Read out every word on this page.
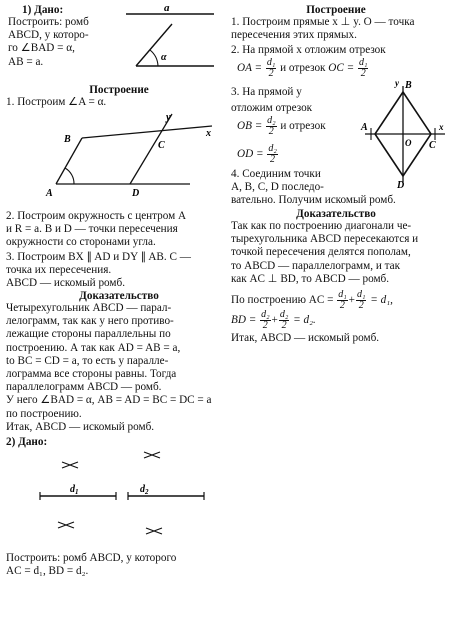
1) Дано:

Построить: ромб

ABCD, у которо-

го ∠BAD = α,

AB = a.

a
α

Построение

1. Построим ∠A = α.

B
C
A	D
y
x

2. Построим окружность с центром A

и R = a. B и D — точки пересечения

окружности со сторонами угла.

3. Построим BX ∥ AD и DY ∥ AB. C —

точка их пересечения.

ABCD — искомый ромб.

Доказательство

Четырехугольник ABCD — парал-

лелограмм, так как у него противо-

лежащие стороны параллельны по

построению. А так как AD = AB = a,

to BC = CD = a, то есть у параллe-

лограмма все стороны равны. Тогда

параллелограмм ABCD — ромб.

У него ∠BAD = α, AB = AD = BC = DC = a

по построению.

Итак, ABCD — искомый ромб.

2) Дано:

$d_1$	$d_2$

Построить: ромб ABCD, у которого

AC = d₁, BD = d₂.

Построение

1. Построим прямые x ⊥ y. O — точка

пересечения этих прямых.

2. На прямой x отложим отрезок

OA = $\frac{\text{d₁}}{2}$ и отрезок OC = $\frac{\text{d₁}}{2}$

3. На прямой y

отложим отрезок

OB = $\frac{\text{d₂}}{2}$ и отрезок
OD = $\frac{\text{d₂}}{2}$
B
A
C
D
O
x
y

4. Соединим точки

A, B, C, D последо-

вательно. Получим искомый ромб.

Доказательство

Так как по построению диагонали че-

тырехугольника ABCD пересекаются и

точкой пересечения делятся пополам,

то ABCD — параллелограмм, и так

как AC ⊥ BD, то ABCD — ромб.

По построению AC = $\frac{\text{d₁}}{2} + \frac{\text{d₁}}{2} = d_1$,
BD = $\frac{\text{d₂}}{2} + \frac{\text{d₂}}{2} = d_2$.

Итак, ABCD — искомый ромб.
